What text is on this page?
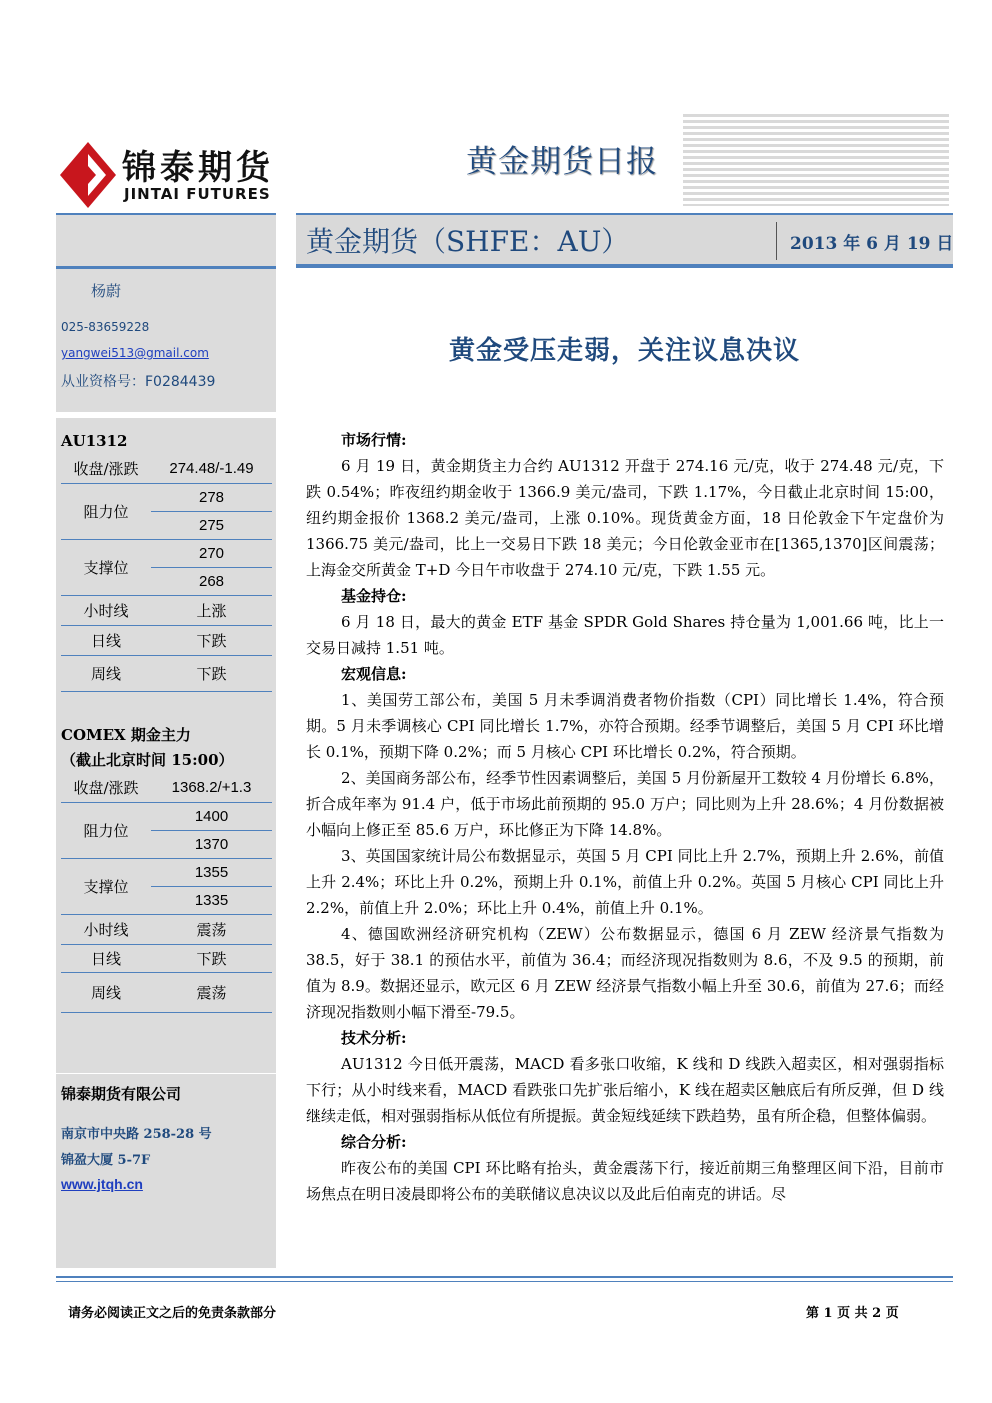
锦泰期货
JINTAI FUTURES
黄金期货日报
黄金期货（SHFE：AU）	2013 年 6 月 19 日
杨蔚
025-83659228
yangwei513@gmail.com
从业资格号：F0284439
AU1312
收盘/涨跌	274.48/-1.49
阻力位	278
	275
支撑位	270
	268
小时线	上涨
日线	下跌
周线	下跌
COMEX 期金主力
（截止北京时间 15:00）
收盘/涨跌	1368.2/+1.3
阻力位	1400
	1370
支撑位	1355
	1335
小时线	震荡
日线	下跌
周线	震荡
锦泰期货有限公司
南京市中央路 258-28 号
锦盈大厦 5-7F
www.jtqh.cn
黄金受压走弱，关注议息决议
市场行情:

6 月 19 日，黄金期货主力合约 AU1312 开盘于 274.16 元/克，收于 274.48 元/克，下跌 0.54%；昨夜纽约期金收于 1366.9 美元/盎司，下跌 1.17%，今日截止北京时间 15:00，纽约期金报价 1368.2 美元/盎司，上涨 0.10%。现货黄金方面，18 日伦敦金下午定盘价为 1366.75 美元/盎司，比上一交易日下跌 18 美元；今日伦敦金亚市在[1365,1370]区间震荡；上海金交所黄金 T+D 今日午市收盘于 274.10 元/克，下跌 1.55 元。

基金持仓:

6 月 18 日，最大的黄金 ETF 基金 SPDR Gold Shares 持仓量为 1,001.66 吨，比上一交易日减持 1.51 吨。

宏观信息:

1、美国劳工部公布，美国 5 月未季调消费者物价指数（CPI）同比增长 1.4%，符合预期。5 月未季调核心 CPI 同比增长 1.7%，亦符合预期。经季节调整后，美国 5 月 CPI 环比增长 0.1%，预期下降 0.2%；而 5 月核心 CPI 环比增长 0.2%，符合预期。

2、美国商务部公布，经季节性因素调整后，美国 5 月份新屋开工数较 4 月份增长 6.8%，折合成年率为 91.4 户，低于市场此前预期的 95.0 万户；同比则为上升 28.6%；4 月份数据被小幅向上修正至 85.6 万户，环比修正为下降 14.8%。

3、英国国家统计局公布数据显示，英国 5 月 CPI 同比上升 2.7%，预期上升 2.6%，前值上升 2.4%；环比上升 0.2%，预期上升 0.1%，前值上升 0.2%。英国 5 月核心 CPI 同比上升 2.2%，前值上升 2.0%；环比上升 0.4%，前值上升 0.1%。

4、德国欧洲经济研究机构（ZEW）公布数据显示，德国 6 月 ZEW 经济景气指数为 38.5，好于 38.1 的预估水平，前值为 36.4；而经济现况指数则为 8.6，不及 9.5 的预期，前值为 8.9。数据还显示，欧元区 6 月 ZEW 经济景气指数小幅上升至 30.6，前值为 27.6；而经济现况指数则小幅下滑至-79.5。

技术分析:

AU1312 今日低开震荡，MACD 看多张口收缩，K 线和 D 线跌入超卖区，相对强弱指标下行；从小时线来看，MACD 看跌张口先扩张后缩小，K 线在超卖区触底后有所反弹，但 D 线继续走低，相对强弱指标从低位有所提振。黄金短线延续下跌趋势，虽有所企稳，但整体偏弱。

综合分析:

昨夜公布的美国 CPI 环比略有抬头，黄金震荡下行，接近前期三角整理区间下沿，目前市场焦点在明日凌晨即将公布的美联储议息决议以及此后伯南克的讲话。尽

请务必阅读正文之后的免责条款部分	第 1 页 共 2 页
